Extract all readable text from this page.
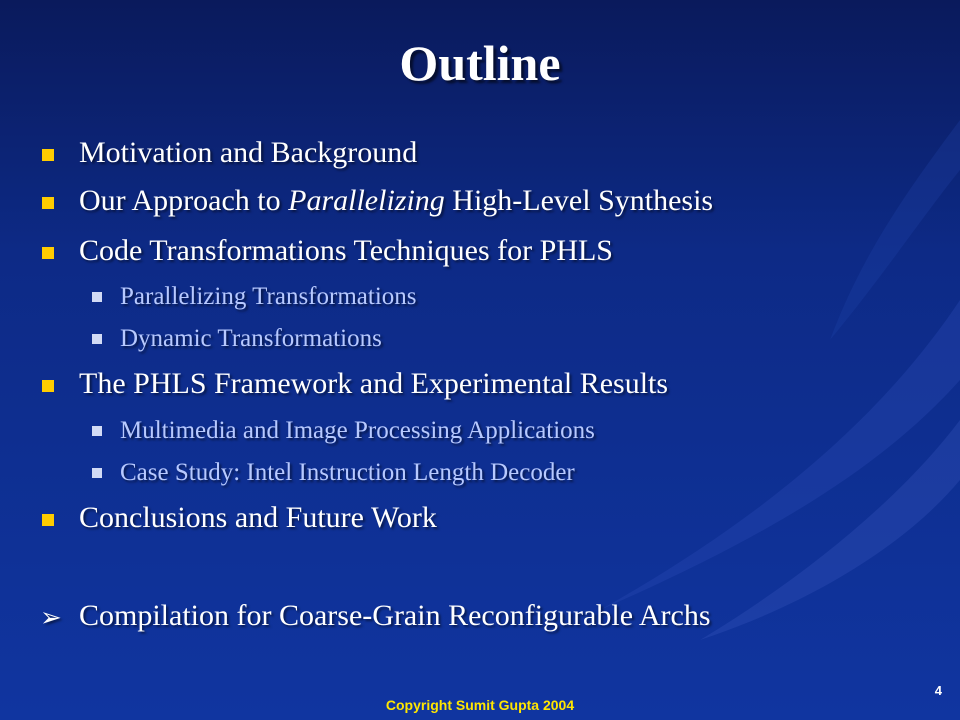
Outline
Motivation and Background
Our Approach to Parallelizing High-Level Synthesis
Code Transformations Techniques for PHLS
Parallelizing Transformations
Dynamic Transformations
The PHLS Framework and Experimental Results
Multimedia and Image Processing Applications
Case Study: Intel Instruction Length Decoder
Conclusions and Future Work
➢ Compilation for Coarse-Grain Reconfigurable Archs
Copyright Sumit Gupta 2004
4
